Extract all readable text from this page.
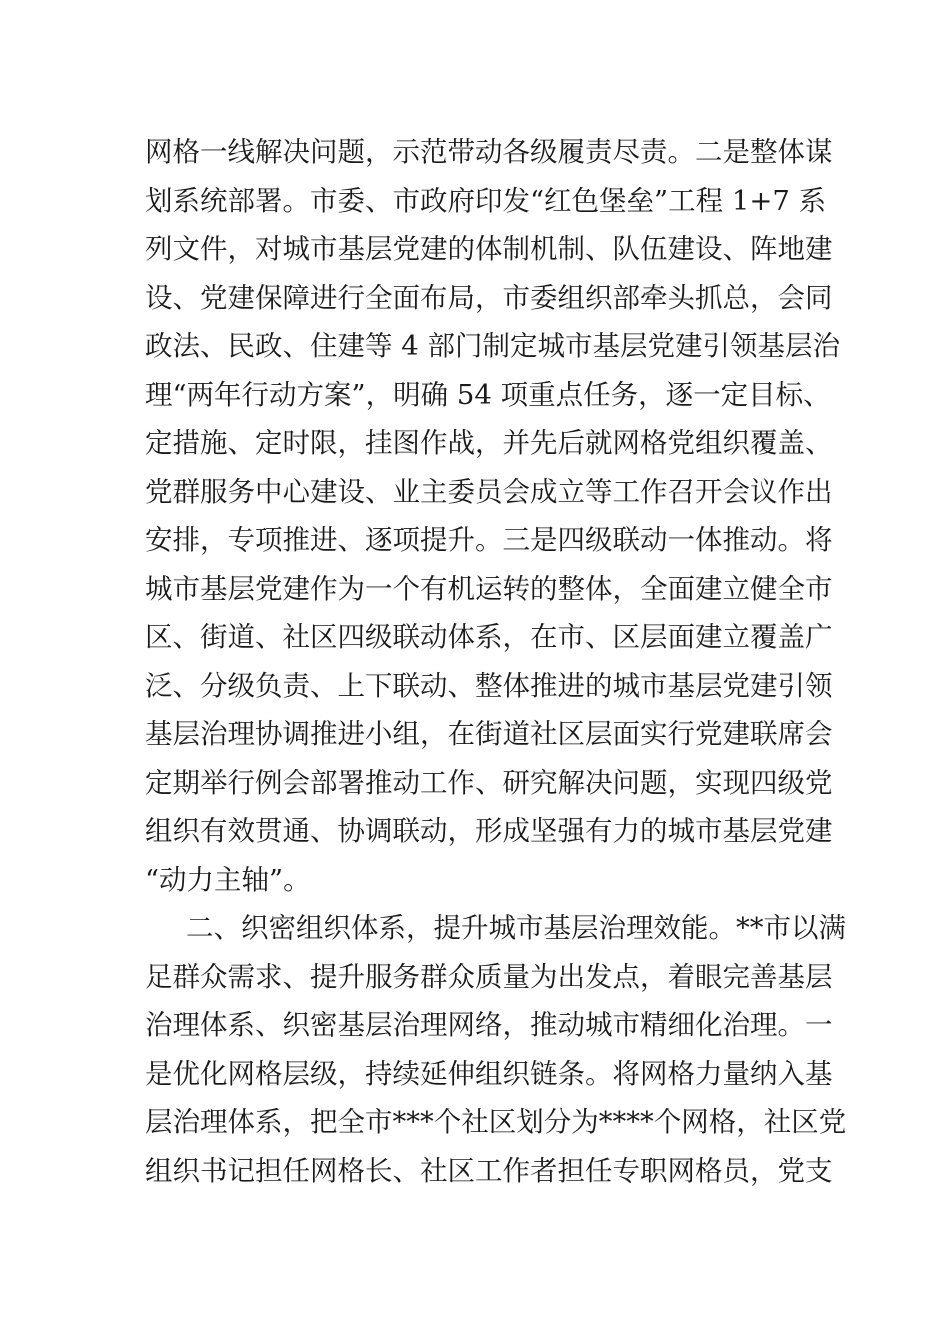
网格一线解决问题，示范带动各级履责尽责。二是整体谋
划系统部署。市委、市政府印发“红色堡垒”工程 1+7 系
列文件，对城市基层党建的体制机制、队伍建设、阵地建
设、党建保障进行全面布局，市委组织部牵头抓总，会同
政法、民政、住建等 4 部门制定城市基层党建引领基层治
理“两年行动方案”，明确 54 项重点任务，逐一定目标、
定措施、定时限，挂图作战，并先后就网格党组织覆盖、
党群服务中心建设、业主委员会成立等工作召开会议作出
安排，专项推进、逐项提升。三是四级联动一体推动。将
城市基层党建作为一个有机运转的整体，全面建立健全市
区、街道、社区四级联动体系，在市、区层面建立覆盖广
泛、分级负责、上下联动、整体推进的城市基层党建引领
基层治理协调推进小组，在街道社区层面实行党建联席会
定期举行例会部署推动工作、研究解决问题，实现四级党
组织有效贯通、协调联动，形成坚强有力的城市基层党建
“动力主轴”。
二、织密组织体系，提升城市基层治理效能。**市以满
足群众需求、提升服务群众质量为出发点，着眼完善基层
治理体系、织密基层治理网络，推动城市精细化治理。一
是优化网格层级，持续延伸组织链条。将网格力量纳入基
层治理体系，把全市***个社区划分为****个网格，社区党
组织书记担任网格长、社区工作者担任专职网格员，党支
